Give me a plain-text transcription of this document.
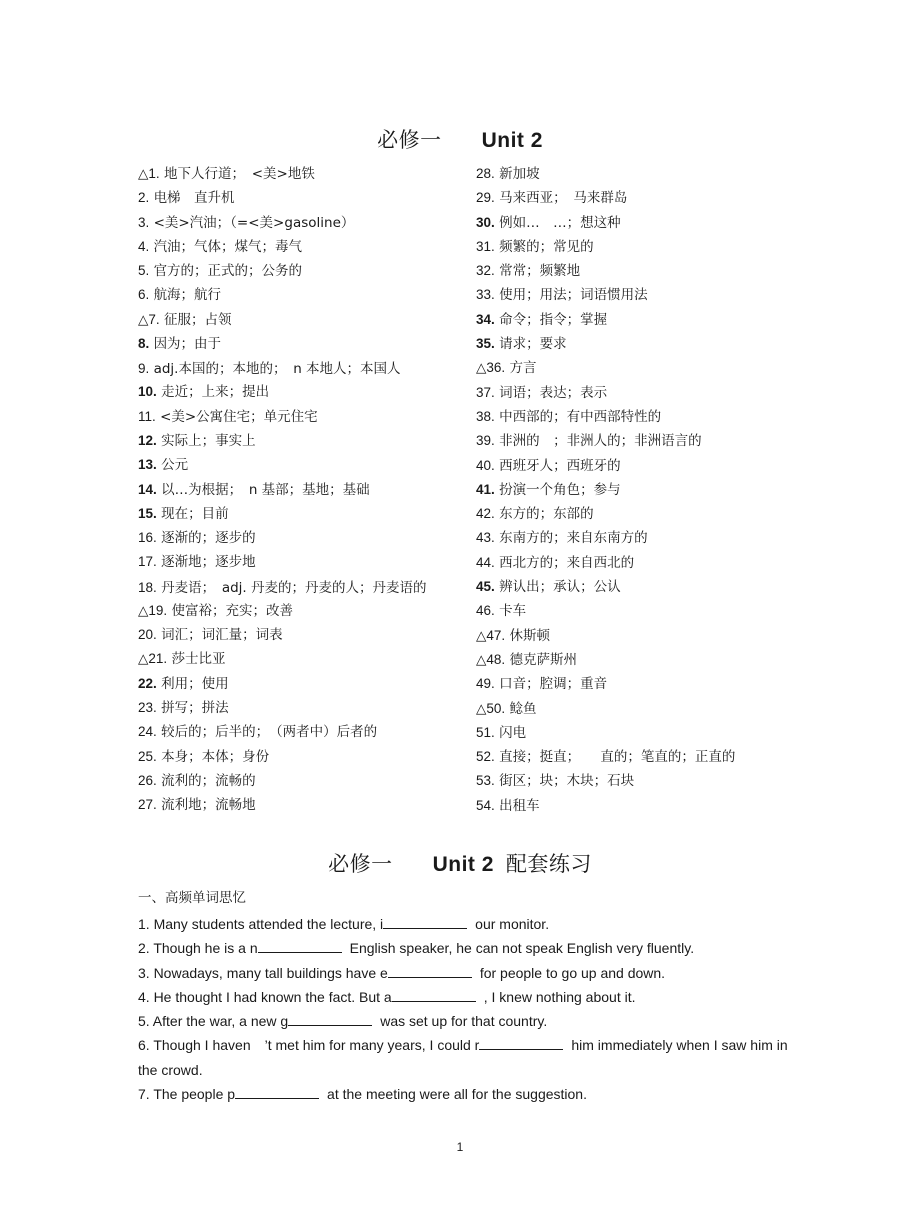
必修一 Unit 2
△1. 地下人行道；　<美>地铁
2. 电梯　直升机
3. <美>汽油；（=<美>gasoline）
4. 汽油；气体；煤气；毒气
5. 官方的；正式的；公务的
6. 航海；航行
△7. 征服；占领
8. 因为；由于
9. adj.本国的；本地的；　n 本地人；本国人
10. 走近；上来；提出
11. <美>公寓住宅；单元住宅
12. 实际上；事实上
13. 公元
14. 以…为根据；　n 基部；基地；基础
15. 现在；目前
16. 逐渐的；逐步的
17. 逐渐地；逐步地
18. 丹麦语；　adj. 丹麦的；丹麦的人；丹麦语的
△19. 使富裕；充实；改善
20. 词汇；词汇量；词表
△21. 莎士比亚
22. 利用；使用
23. 拼写；拼法
24. 较后的；后半的；　（两者中）后者的
25. 本身；本体；身份
26. 流利的；流畅的
27. 流利地；流畅地
28. 新加坡
29. 马来西亚；　马来群岛
30. 例如…　…；想这种
31. 频繁的；常见的
32. 常常；频繁地
33. 使用；用法；词语惯用法
34. 命令；指令；掌握
35. 请求；要求
△36. 方言
37. 词语；表达；表示
38. 中西部的；有中西部特性的
39. 非洲的　；非洲人的；非洲语言的
40. 西班牙人；西班牙的
41. 扮演一个角色；参与
42. 东方的；东部的
43. 东南方的；来自东南方的
44. 西北方的；来自西北的
45. 辨认出；承认；公认
46. 卡车
△47. 休斯顿
△48. 德克萨斯州
49. 口音；腔调；重音
△50. 鲶鱼
51. 闪电
52. 直接；挺直；　　直的；笔直的；正直的
53. 街区；块；木块；石块
54. 出租车
必修一 Unit 2 配套练习
一、高频单词思忆
1. Many students attended the lecture, i	our monitor.
2. Though he is a n	English speaker, he can not speak English very fluently.
3. Nowadays, many tall buildings have e	for people to go up and down.
4. He thought I had known the fact. But a	, I knew nothing about it.
5. After the war, a new g	was set up for that country.
6. Though I haven　’t met him for many years, I could r	him immediately when I saw him in the crowd.
7. The people p	at the meeting were all for the suggestion.
1
